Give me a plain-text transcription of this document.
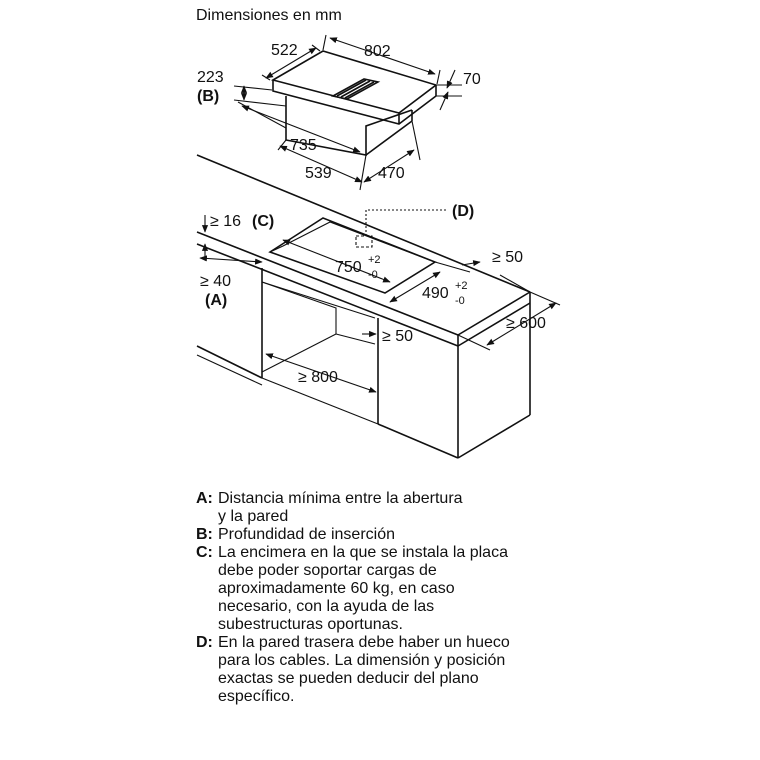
Dimensiones en mm
522	802
70
223
(B)
735
539	470
(D)
≥ 16 (C)
≥ 40
(A)
750 +2
-0
490 +2
-0
≥ 50
≥ 600
≥ 50
≥ 800
A: Distancia mínima entre la abertura
y la pared
B: Profundidad de inserción
C: La encimera en la que se instala la placa
debe poder soportar cargas de
aproximadamente 60 kg, en caso
necesario, con la ayuda de las
subestructuras oportunas.
D: En la pared trasera debe haber un hueco
para los cables. La dimensión y posición
exactas se pueden deducir del plano
específico.
